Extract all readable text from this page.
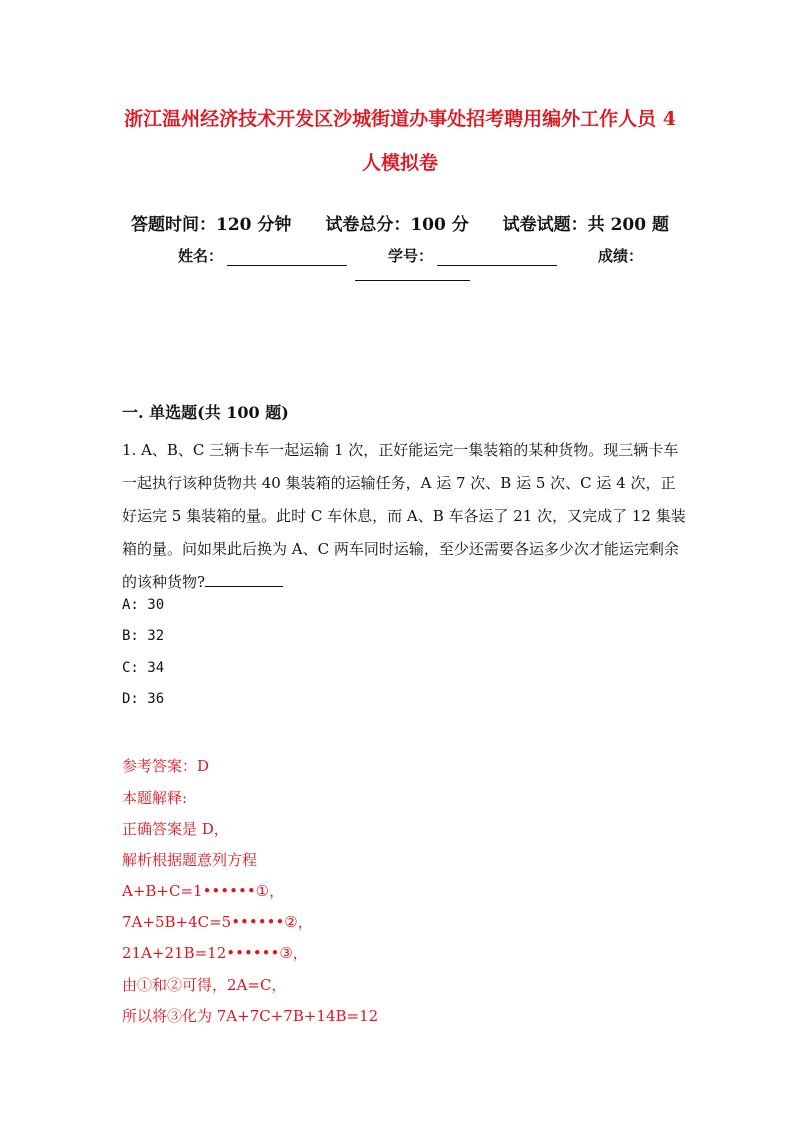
浙江温州经济技术开发区沙城街道办事处招考聘用编外工作人员 4
人模拟卷
答题时间：120 分钟 试卷总分：100 分 试卷试题：共 200 题
姓名：	学号：	成绩：
一. 单选题(共 100 题)
1. A、B、C 三辆卡车一起运输 1 次，正好能运完一集装箱的某种货物。现三辆卡车一起执行该种货物共 40 集装箱的运输任务，A 运 7 次、B 运 5 次、C 运 4 次，正好运完 5 集装箱的量。此时 C 车休息，而 A、B 车各运了 21 次，又完成了 12 集装箱的量。问如果此后换为 A、C 两车同时运输，至少还需要各运多少次才能运完剩余的该种货物?
A: 30
B: 32
C: 34
D: 36
参考答案：D
本题解释:
正确答案是 D，
解析根据题意列方程
A+B+C=1••••••①，
7A+5B+4C=5••••••②，
21A+21B=12••••••③，
由①和②可得，2A=C，
所以将③化为 7A+7C+7B+14B=12
